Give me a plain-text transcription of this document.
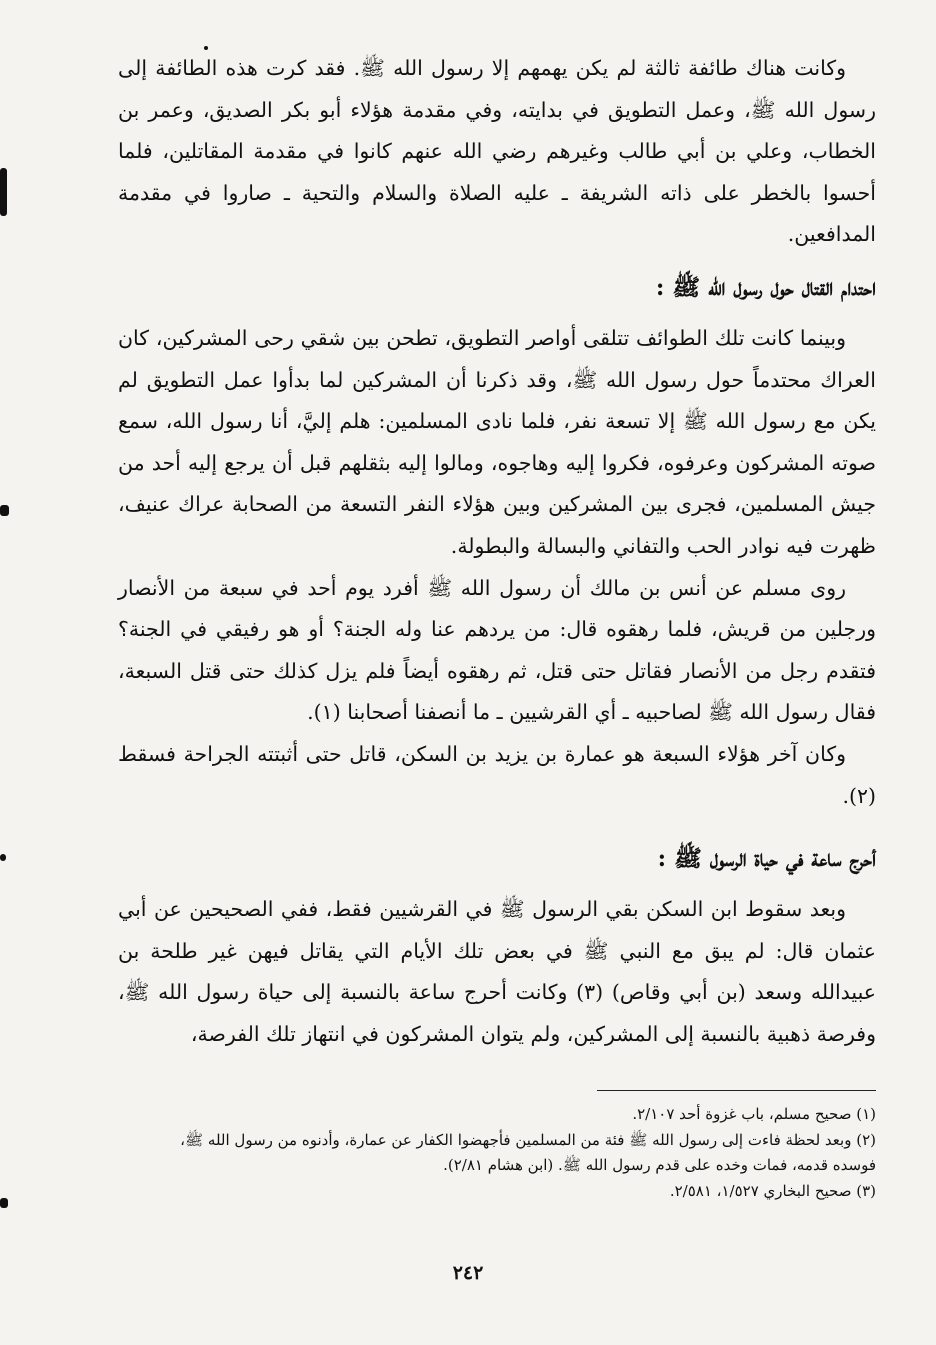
وكانت هناك طائفة ثالثة لم يكن يهمهم إلا رسول الله ﷺ. فقد كرت هذه الطائفة إلى رسول الله ﷺ، وعمل التطويق في بدايته، وفي مقدمة هؤلاء أبو بكر الصديق، وعمر بن الخطاب، وعلي بن أبي طالب وغيرهم رضي الله عنهم كانوا في مقدمة المقاتلين، فلما أحسوا بالخطر على ذاته الشريفة ـ عليه الصلاة والسلام والتحية ـ صاروا في مقدمة المدافعين.

احتدام القتال حول رسول الله ﷺ :

وبينما كانت تلك الطوائف تتلقى أواصر التطويق، تطحن بين شقي رحى المشركين، كان العراك محتدماً حول رسول الله ﷺ، وقد ذكرنا أن المشركين لما بدأوا عمل التطويق لم يكن مع رسول الله ﷺ إلا تسعة نفر، فلما نادى المسلمين: هلم إليَّ، أنا رسول الله، سمع صوته المشركون وعرفوه، فكروا إليه وهاجوه، ومالوا إليه بثقلهم قبل أن يرجع إليه أحد من جيش المسلمين، فجرى بين المشركين وبين هؤلاء النفر التسعة من الصحابة عراك عنيف، ظهرت فيه نوادر الحب والتفاني والبسالة والبطولة.

روى مسلم عن أنس بن مالك أن رسول الله ﷺ أفرد يوم أحد في سبعة من الأنصار ورجلين من قريش، فلما رهقوه قال: من يردهم عنا وله الجنة؟ أو هو رفيقي في الجنة؟ فتقدم رجل من الأنصار فقاتل حتى قتل، ثم رهقوه أيضاً فلم يزل كذلك حتى قتل السبعة، فقال رسول الله ﷺ لصاحبيه ـ أي القرشيين ـ ما أنصفنا أصحابنا (١).

وكان آخر هؤلاء السبعة هو عمارة بن يزيد بن السكن، قاتل حتى أثبتته الجراحة فسقط (٢).

أحرج ساعة في حياة الرسول ﷺ :

وبعد سقوط ابن السكن بقي الرسول ﷺ في القرشيين فقط، ففي الصحيحين عن أبي عثمان قال: لم يبق مع النبي ﷺ في بعض تلك الأيام التي يقاتل فيهن غير طلحة بن عبيدالله وسعد (بن أبي وقاص) (٣) وكانت أحرج ساعة بالنسبة إلى حياة رسول الله ﷺ، وفرصة ذهبية بالنسبة إلى المشركين، ولم يتوان المشركون في انتهاز تلك الفرصة،

(١) صحيح مسلم، باب غزوة أحد ٢/١٠٧.

(٢) وبعد لحظة فاءت إلى رسول الله ﷺ فئة من المسلمين فأجهضوا الكفار عن عمارة، وأدنوه من رسول الله ﷺ، فوسده قدمه، فمات وخده على قدم رسول الله ﷺ. (ابن هشام ٢/٨١).

(٣) صحيح البخاري ١/٥٢٧، ٢/٥٨١.

٢٤٢
